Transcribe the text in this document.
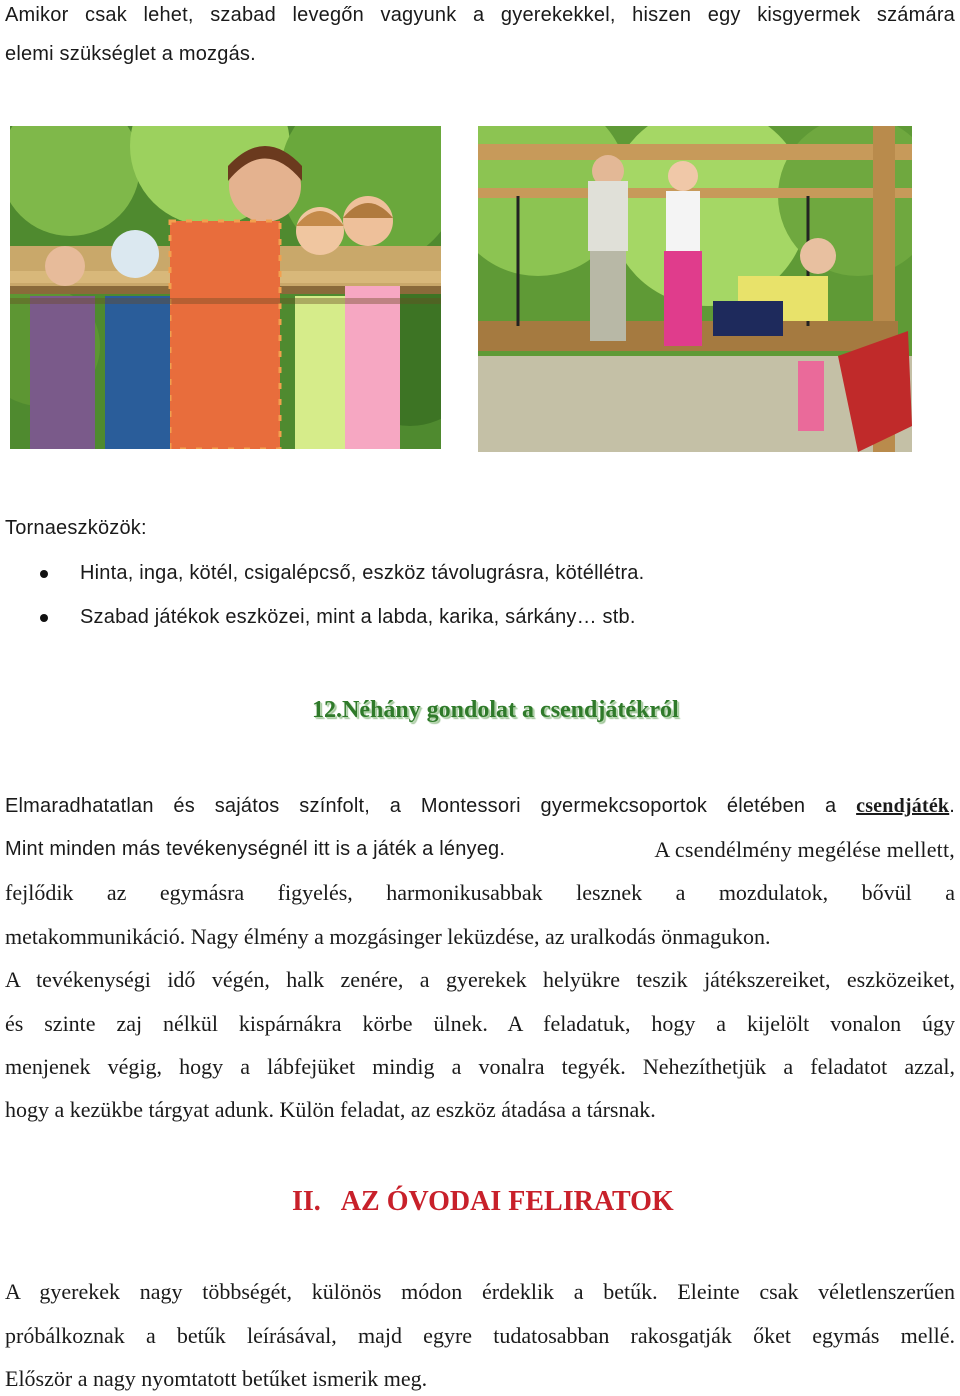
Amikor csak lehet, szabad levegőn vagyunk a gyerekekkel, hiszen egy kisgyermek számára
elemi szükséglet a mozgás.
Tornaeszközök:
Hinta, inga, kötél, csigalépcső, eszköz távolugrásra, kötéllétra.
Szabad játékok eszközei, mint a labda, karika, sárkány… stb.
12.Néhány gondolat a csendjátékról
Elmaradhatatlan és sajátos színfolt, a Montessori gyermekcsoportok életében a csendjáték.
Mint minden más tevékenységnél itt is a játék a lényeg.	A csendélmény megélése mellett,
fejlődik az egymásra figyelés, harmonikusabbak lesznek a mozdulatok, bővül a
metakommunikáció. Nagy élmény a mozgásinger leküzdése, az uralkodás önmagukon.
A tevékenységi idő végén, halk zenére, a gyerekek helyükre teszik játékszereiket, eszközeiket,
és szinte zaj nélkül kispárnákra körbe ülnek. A feladatuk, hogy a kijelölt vonalon úgy
menjenek végig, hogy a lábfejüket mindig a vonalra tegyék. Nehezíthetjük a feladatot azzal,
hogy a kezükbe tárgyat adunk. Külön feladat, az eszköz átadása a társnak.
II. AZ ÓVODAI FELIRATOK
A gyerekek nagy többségét, különös módon érdeklik a betűk. Eleinte csak véletlenszerűen
próbálkoznak a betűk leírásával, majd egyre tudatosabban rakosgatják őket egymás mellé.
Először a nagy nyomtatott betűket ismerik meg.
